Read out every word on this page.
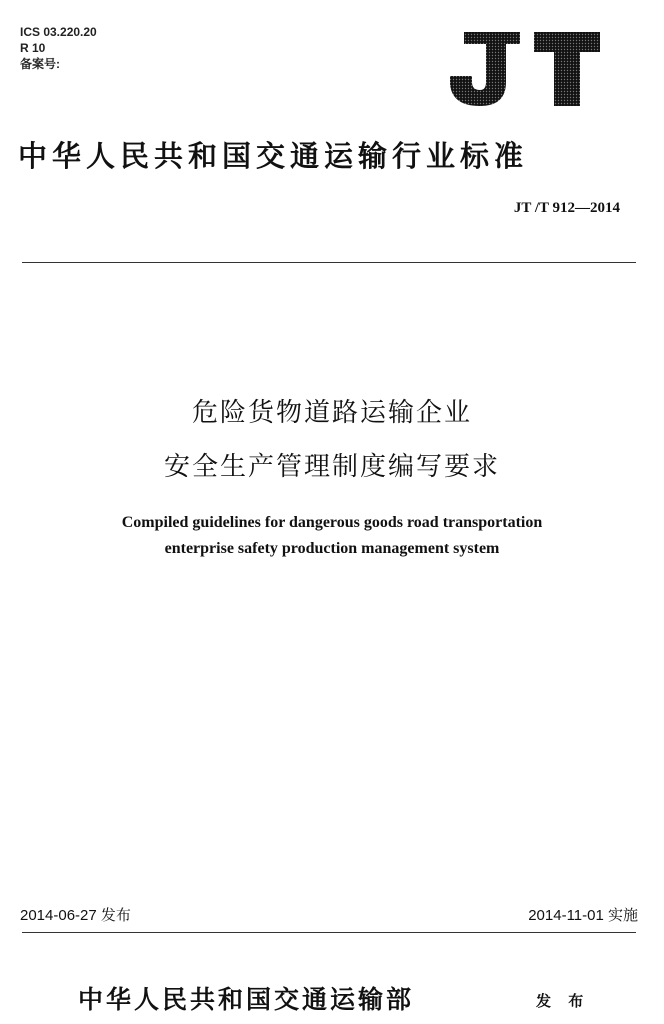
ICS 03.220.20
R 10
备案号:
中华人民共和国交通运输行业标准
JT /T 912—2014
危险货物道路运输企业
安全生产管理制度编写要求
Compiled guidelines for dangerous goods road transportation
enterprise safety production management system
2014-06-27 发布	2014-11-01 实施
中华人民共和国交通运输部	发 布
